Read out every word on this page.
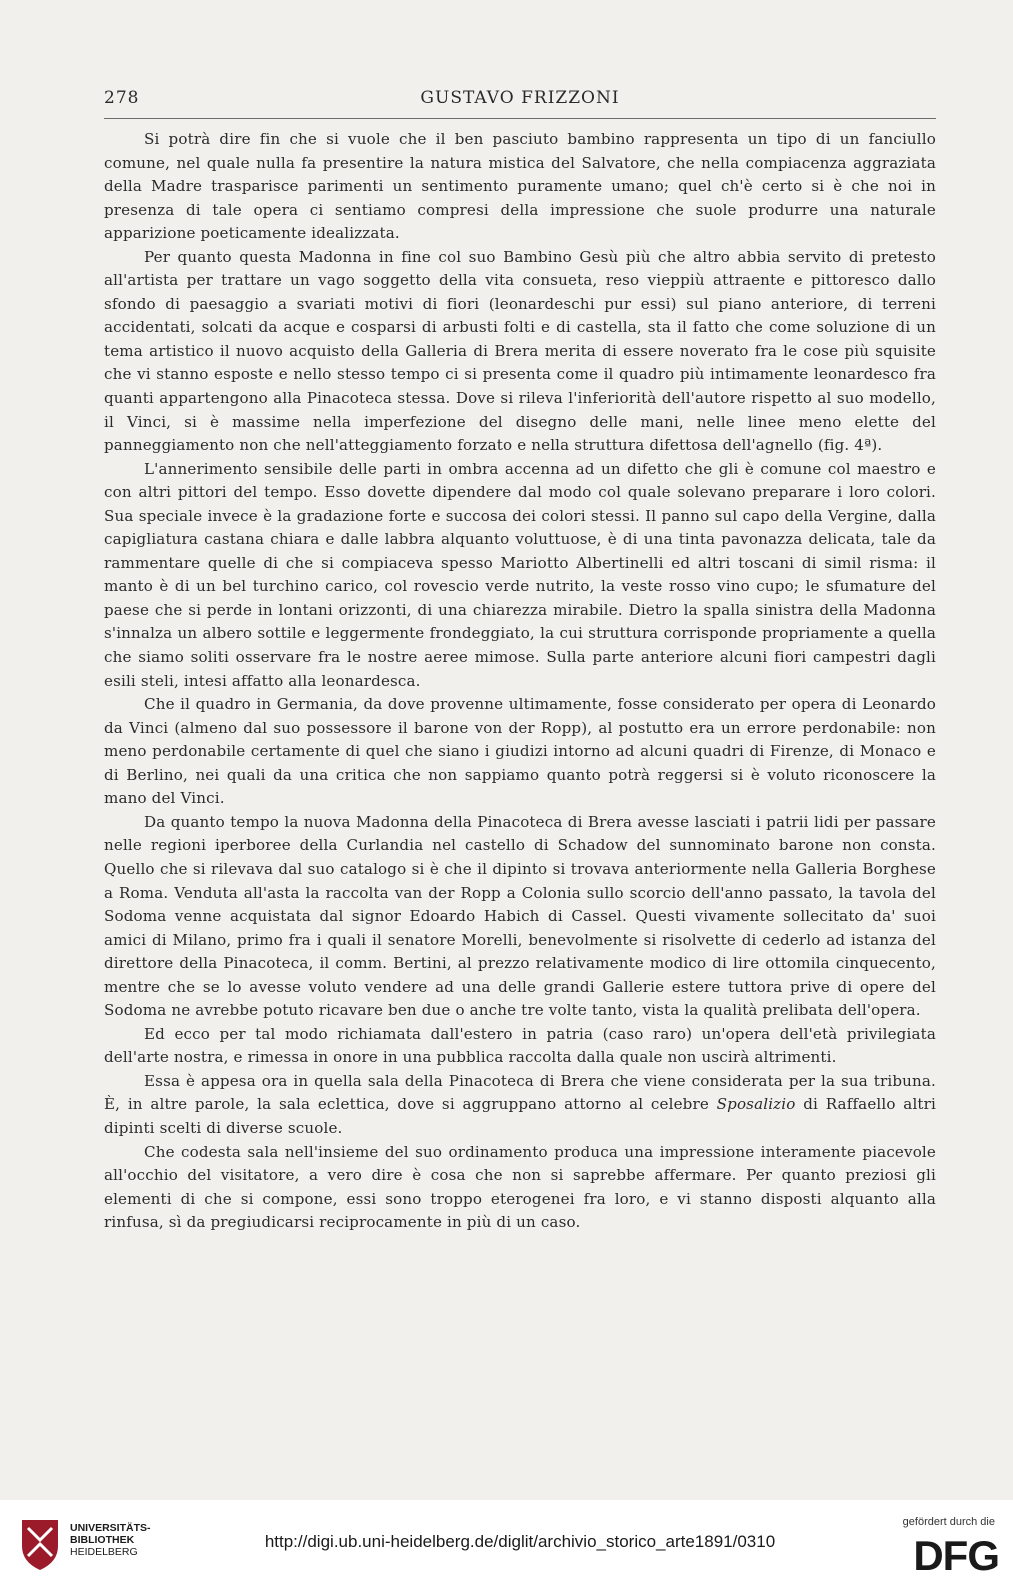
278	GUSTAVO FRIZZONI

Si potrà dire fin che si vuole che il ben pasciuto bambino rappresenta un tipo di un fanciullo comune, nel quale nulla fa presentire la natura mistica del Salvatore, che nella compiacenza aggraziata della Madre trasparisce parimenti un sentimento puramente umano; quel ch'è certo si è che noi in presenza di tale opera ci sentiamo compresi della impressione che suole produrre una naturale apparizione poeticamente idealizzata.

Per quanto questa Madonna in fine col suo Bambino Gesù più che altro abbia servito di pretesto all'artista per trattare un vago soggetto della vita consueta, reso vieppiù attraente e pittoresco dallo sfondo di paesaggio a svariati motivi di fiori (leonardeschi pur essi) sul piano anteriore, di terreni accidentati, solcati da acque e cosparsi di arbusti folti e di castella, sta il fatto che come soluzione di un tema artistico il nuovo acquisto della Galleria di Brera merita di essere noverato fra le cose più squisite che vi stanno esposte e nello stesso tempo ci si presenta come il quadro più intimamente leonardesco fra quanti appartengono alla Pinacoteca stessa. Dove si rileva l'inferiorità dell'autore rispetto al suo modello, il Vinci, si è massime nella imperfezione del disegno delle mani, nelle linee meno elette del panneggiamento non che nell'atteggiamento forzato e nella struttura difettosa dell'agnello (fig. 4ª).

L'annerimento sensibile delle parti in ombra accenna ad un difetto che gli è comune col maestro e con altri pittori del tempo. Esso dovette dipendere dal modo col quale solevano preparare i loro colori. Sua speciale invece è la gradazione forte e succosa dei colori stessi. Il panno sul capo della Vergine, dalla capigliatura castana chiara e dalle labbra alquanto voluttuose, è di una tinta pavonazza delicata, tale da rammentare quelle di che si compiaceva spesso Mariotto Albertinelli ed altri toscani di simil risma: il manto è di un bel turchino carico, col rovescio verde nutrito, la veste rosso vino cupo; le sfumature del paese che si perde in lontani orizzonti, di una chiarezza mirabile. Dietro la spalla sinistra della Madonna s'innalza un albero sottile e leggermente frondeggiato, la cui struttura corrisponde propriamente a quella che siamo soliti osservare fra le nostre aeree mimose. Sulla parte anteriore alcuni fiori campestri dagli esili steli, intesi affatto alla leonardesca.

Che il quadro in Germania, da dove provenne ultimamente, fosse considerato per opera di Leonardo da Vinci (almeno dal suo possessore il barone von der Ropp), al postutto era un errore perdonabile: non meno perdonabile certamente di quel che siano i giudizi intorno ad alcuni quadri di Firenze, di Monaco e di Berlino, nei quali da una critica che non sappiamo quanto potrà reggersi si è voluto riconoscere la mano del Vinci.

Da quanto tempo la nuova Madonna della Pinacoteca di Brera avesse lasciati i patrii lidi per passare nelle regioni iperboree della Curlandia nel castello di Schadow del sunnominato barone non consta. Quello che si rilevava dal suo catalogo si è che il dipinto si trovava anteriormente nella Galleria Borghese a Roma. Venduta all'asta la raccolta van der Ropp a Colonia sullo scorcio dell'anno passato, la tavola del Sodoma venne acquistata dal signor Edoardo Habich di Cassel. Questi vivamente sollecitato da' suoi amici di Milano, primo fra i quali il senatore Morelli, benevolmente si risolvette di cederlo ad istanza del direttore della Pinacoteca, il comm. Bertini, al prezzo relativamente modico di lire ottomila cinquecento, mentre che se lo avesse voluto vendere ad una delle grandi Gallerie estere tuttora prive di opere del Sodoma ne avrebbe potuto ricavare ben due o anche tre volte tanto, vista la qualità prelibata dell'opera.

Ed ecco per tal modo richiamata dall'estero in patria (caso raro) un'opera dell'età privilegiata dell'arte nostra, e rimessa in onore in una pubblica raccolta dalla quale non uscirà altrimenti.

Essa è appesa ora in quella sala della Pinacoteca di Brera che viene considerata per la sua tribuna. È, in altre parole, la sala eclettica, dove si aggruppano attorno al celebre Sposalizio di Raffaello altri dipinti scelti di diverse scuole.

Che codesta sala nell'insieme del suo ordinamento produca una impressione interamente piacevole all'occhio del visitatore, a vero dire è cosa che non si saprebbe affermare. Per quanto preziosi gli elementi di che si compone, essi sono troppo eterogenei fra loro, e vi stanno disposti alquanto alla rinfusa, sì da pregiudicarsi reciprocamente in più di un caso.

UNIVERSITÄTS-
BIBLIOTHEK
HEIDELBERG
http://digi.ub.uni-heidelberg.de/diglit/archivio_storico_arte1891/0310
gefördert durch die
DFG
